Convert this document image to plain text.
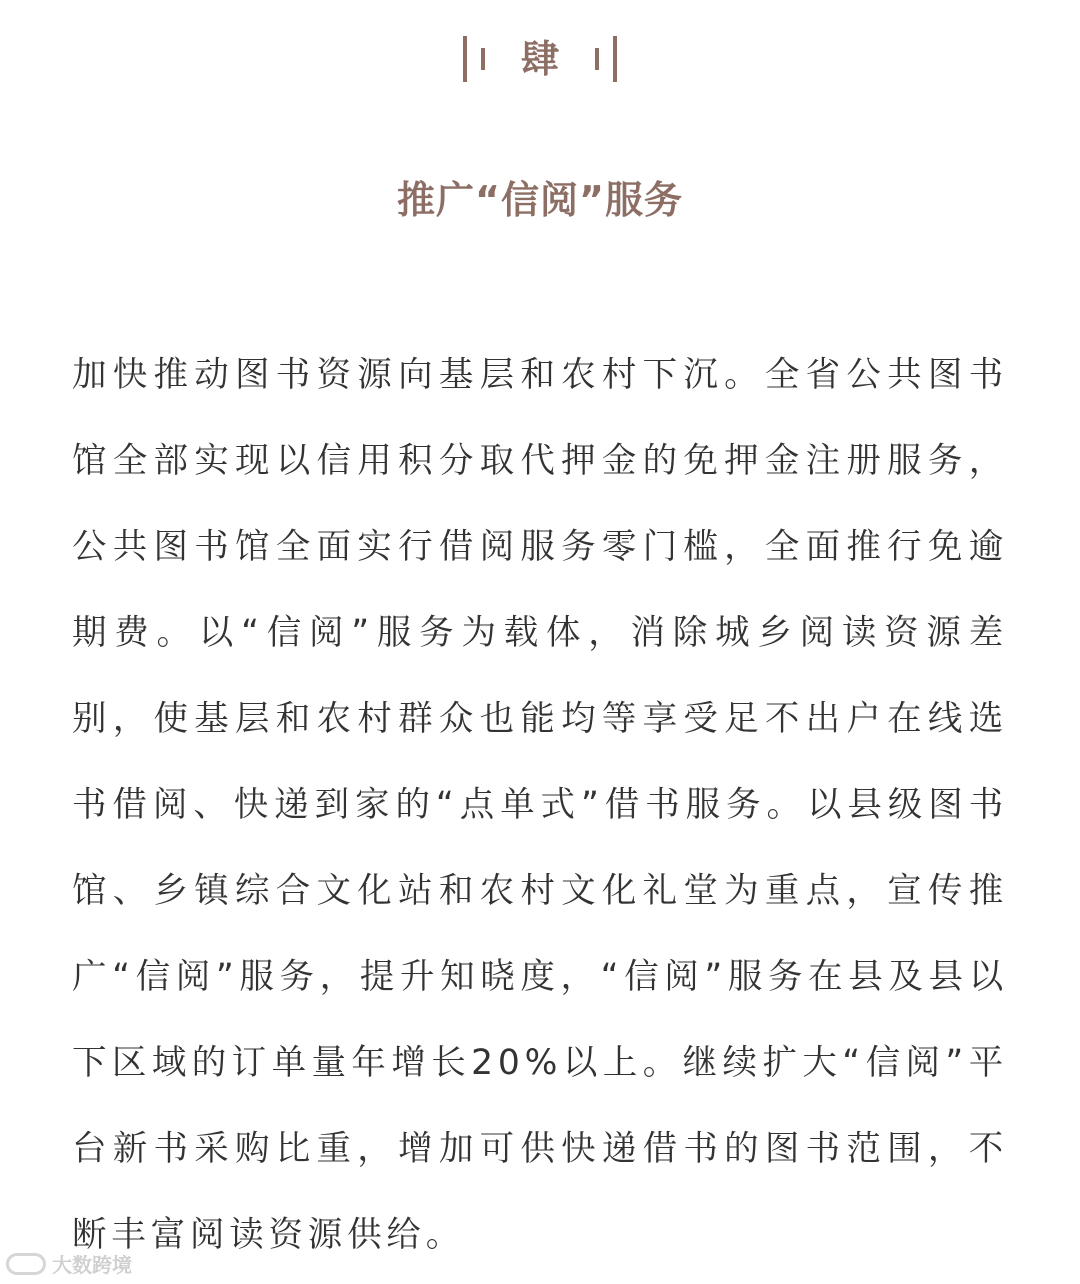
肆
推广“信阅”服务

加快推动图书资源向基层和农村下沉。全省公共图书馆全部实现以信用积分取代押金的免押金注册服务，公共图书馆全面实行借阅服务零门槛，全面推行免逾期费。以“信阅”服务为载体，消除城乡阅读资源差别，使基层和农村群众也能均等享受足不出户在线选书借阅、快递到家的“点单式”借书服务。以县级图书馆、乡镇综合文化站和农村文化礼堂为重点，宣传推广“信阅”服务，提升知晓度，“信阅”服务在县及县以下区域的订单量年增长20%以上。继续扩大“信阅”平台新书采购比重，增加可供快递借书的图书范围，不断丰富阅读资源供给。

大数跨境
